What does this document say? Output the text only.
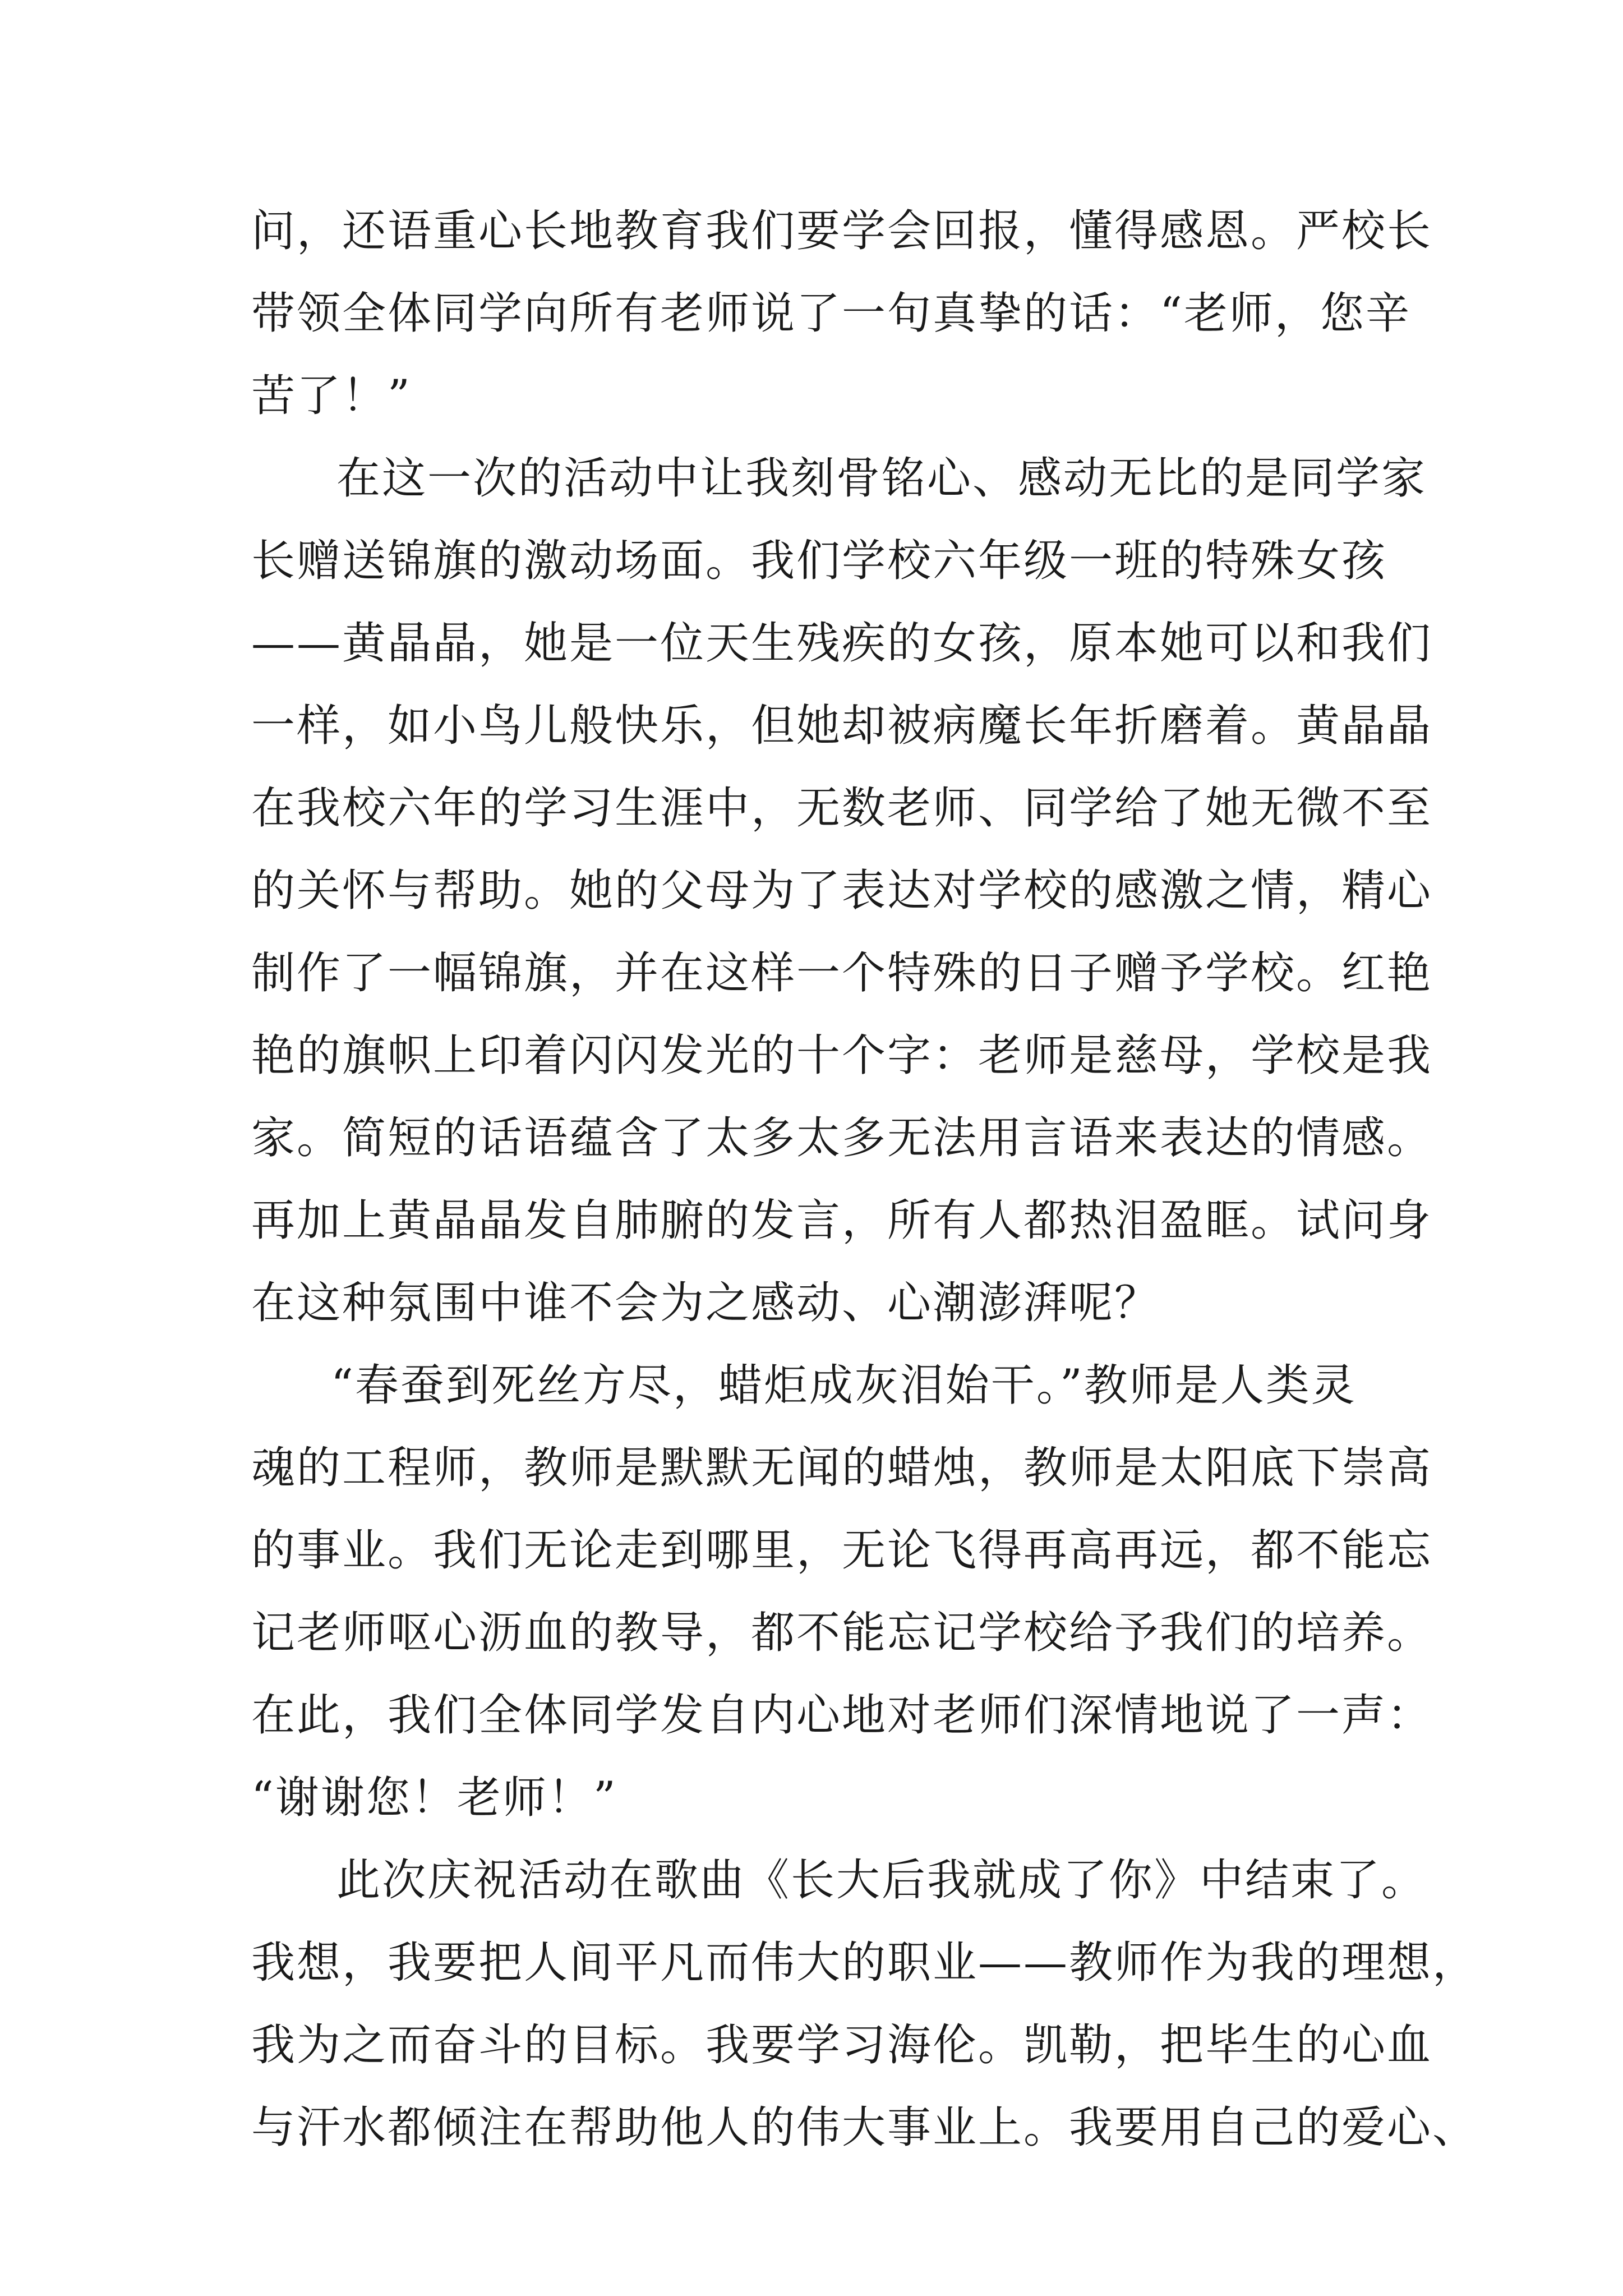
问，还语重心长地教育我们要学会回报，懂得感恩。严校长
带领全体同学向所有老师说了一句真挚的话：“老师，您辛
苦了！”
在这一次的活动中让我刻骨铭心、感动无比的是同学家
长赠送锦旗的激动场面。我们学校六年级一班的特殊女孩
——黄晶晶，她是一位天生残疾的女孩，原本她可以和我们
一样，如小鸟儿般快乐，但她却被病魔长年折磨着。黄晶晶
在我校六年的学习生涯中，无数老师、同学给了她无微不至
的关怀与帮助。她的父母为了表达对学校的感激之情，精心
制作了一幅锦旗，并在这样一个特殊的日子赠予学校。红艳
艳的旗帜上印着闪闪发光的十个字：老师是慈母，学校是我
家。简短的话语蕴含了太多太多无法用言语来表达的情感。
再加上黄晶晶发自肺腑的发言，所有人都热泪盈眶。试问身
在这种氛围中谁不会为之感动、心潮澎湃呢？
“春蚕到死丝方尽，蜡炬成灰泪始干。”教师是人类灵
魂的工程师，教师是默默无闻的蜡烛，教师是太阳底下崇高
的事业。我们无论走到哪里，无论飞得再高再远，都不能忘
记老师呕心沥血的教导，都不能忘记学校给予我们的培养。
在此，我们全体同学发自内心地对老师们深情地说了一声：
“谢谢您！老师！”
此次庆祝活动在歌曲《长大后我就成了你》中结束了。
我想，我要把人间平凡而伟大的职业——教师作为我的理想，
我为之而奋斗的目标。我要学习海伦。凯勒，把毕生的心血
与汗水都倾注在帮助他人的伟大事业上。我要用自己的爱心、
